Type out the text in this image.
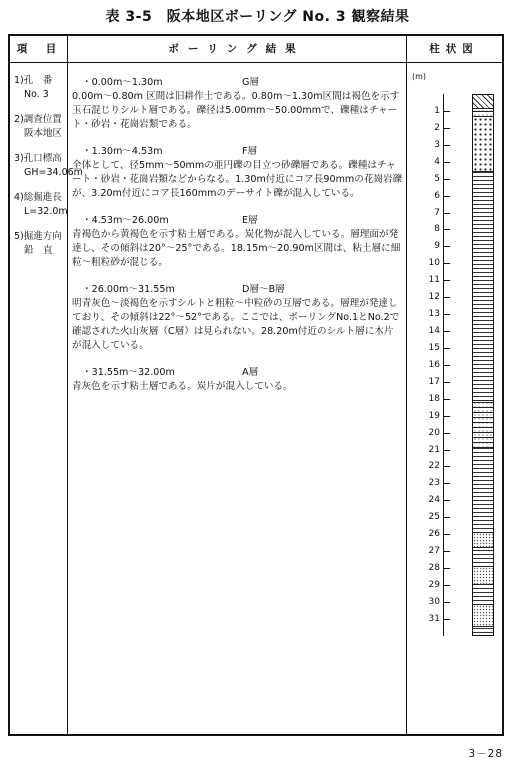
表 3-5　阪本地区ボーリング No. 3 観察結果
項　目	ボーリング結果	柱状図
1)孔　番
No. 3
2)調査位置
阪本地区
3)孔口標高
GH=34.06m
4)総掘進長
L=32.0m
5)掘進方向
鉛　直
・0.00m～1.30m	G層
0.00m～0.80m 区間は旧耕作土である。0.80m～1.30m区間は褐色を示す玉石混じりシルト層である。礫径は5.00mm～50.00mmで、礫種はチャート・砂岩・花崗岩類である。
・1.30m～4.53m	F層
全体として、径5mm～50mmの亜円礫の目立つ砂礫層である。礫種はチャート・砂岩・花崗岩類などからなる。1.30m付近にコア長90mmの花崗岩礫が、3.20m付近にコア長160mmのデーサイト礫が混入している。
・4.53m～26.00m	E層
青褐色から黄褐色を示す粘土層である。炭化物が混入している。層理面が発達し、その傾斜は20°～25°である。18.15m～20.90m区間は、粘土層に細粒～粗粒砂が混じる。
・26.00m～31.55m	D層～B層
明青灰色～淡褐色を示すシルトと粗粒～中粒砂の互層である。層理が発達しており、その傾斜は22°～52°である。ここでは、ボーリングNo.1とNo.2で確認された火山灰層（C層）は見られない。28.20m付近のシルト層に木片が混入している。
・31.55m～32.00m	A層
青灰色を示す粘土層である。炭片が混入している。
(m)
1
2
3
4
5
6
7
8
9
10
11
12
13
14
15
16
17
18
19
20
21
22
23
24
25
26
27
28
29
30
31
3－28
